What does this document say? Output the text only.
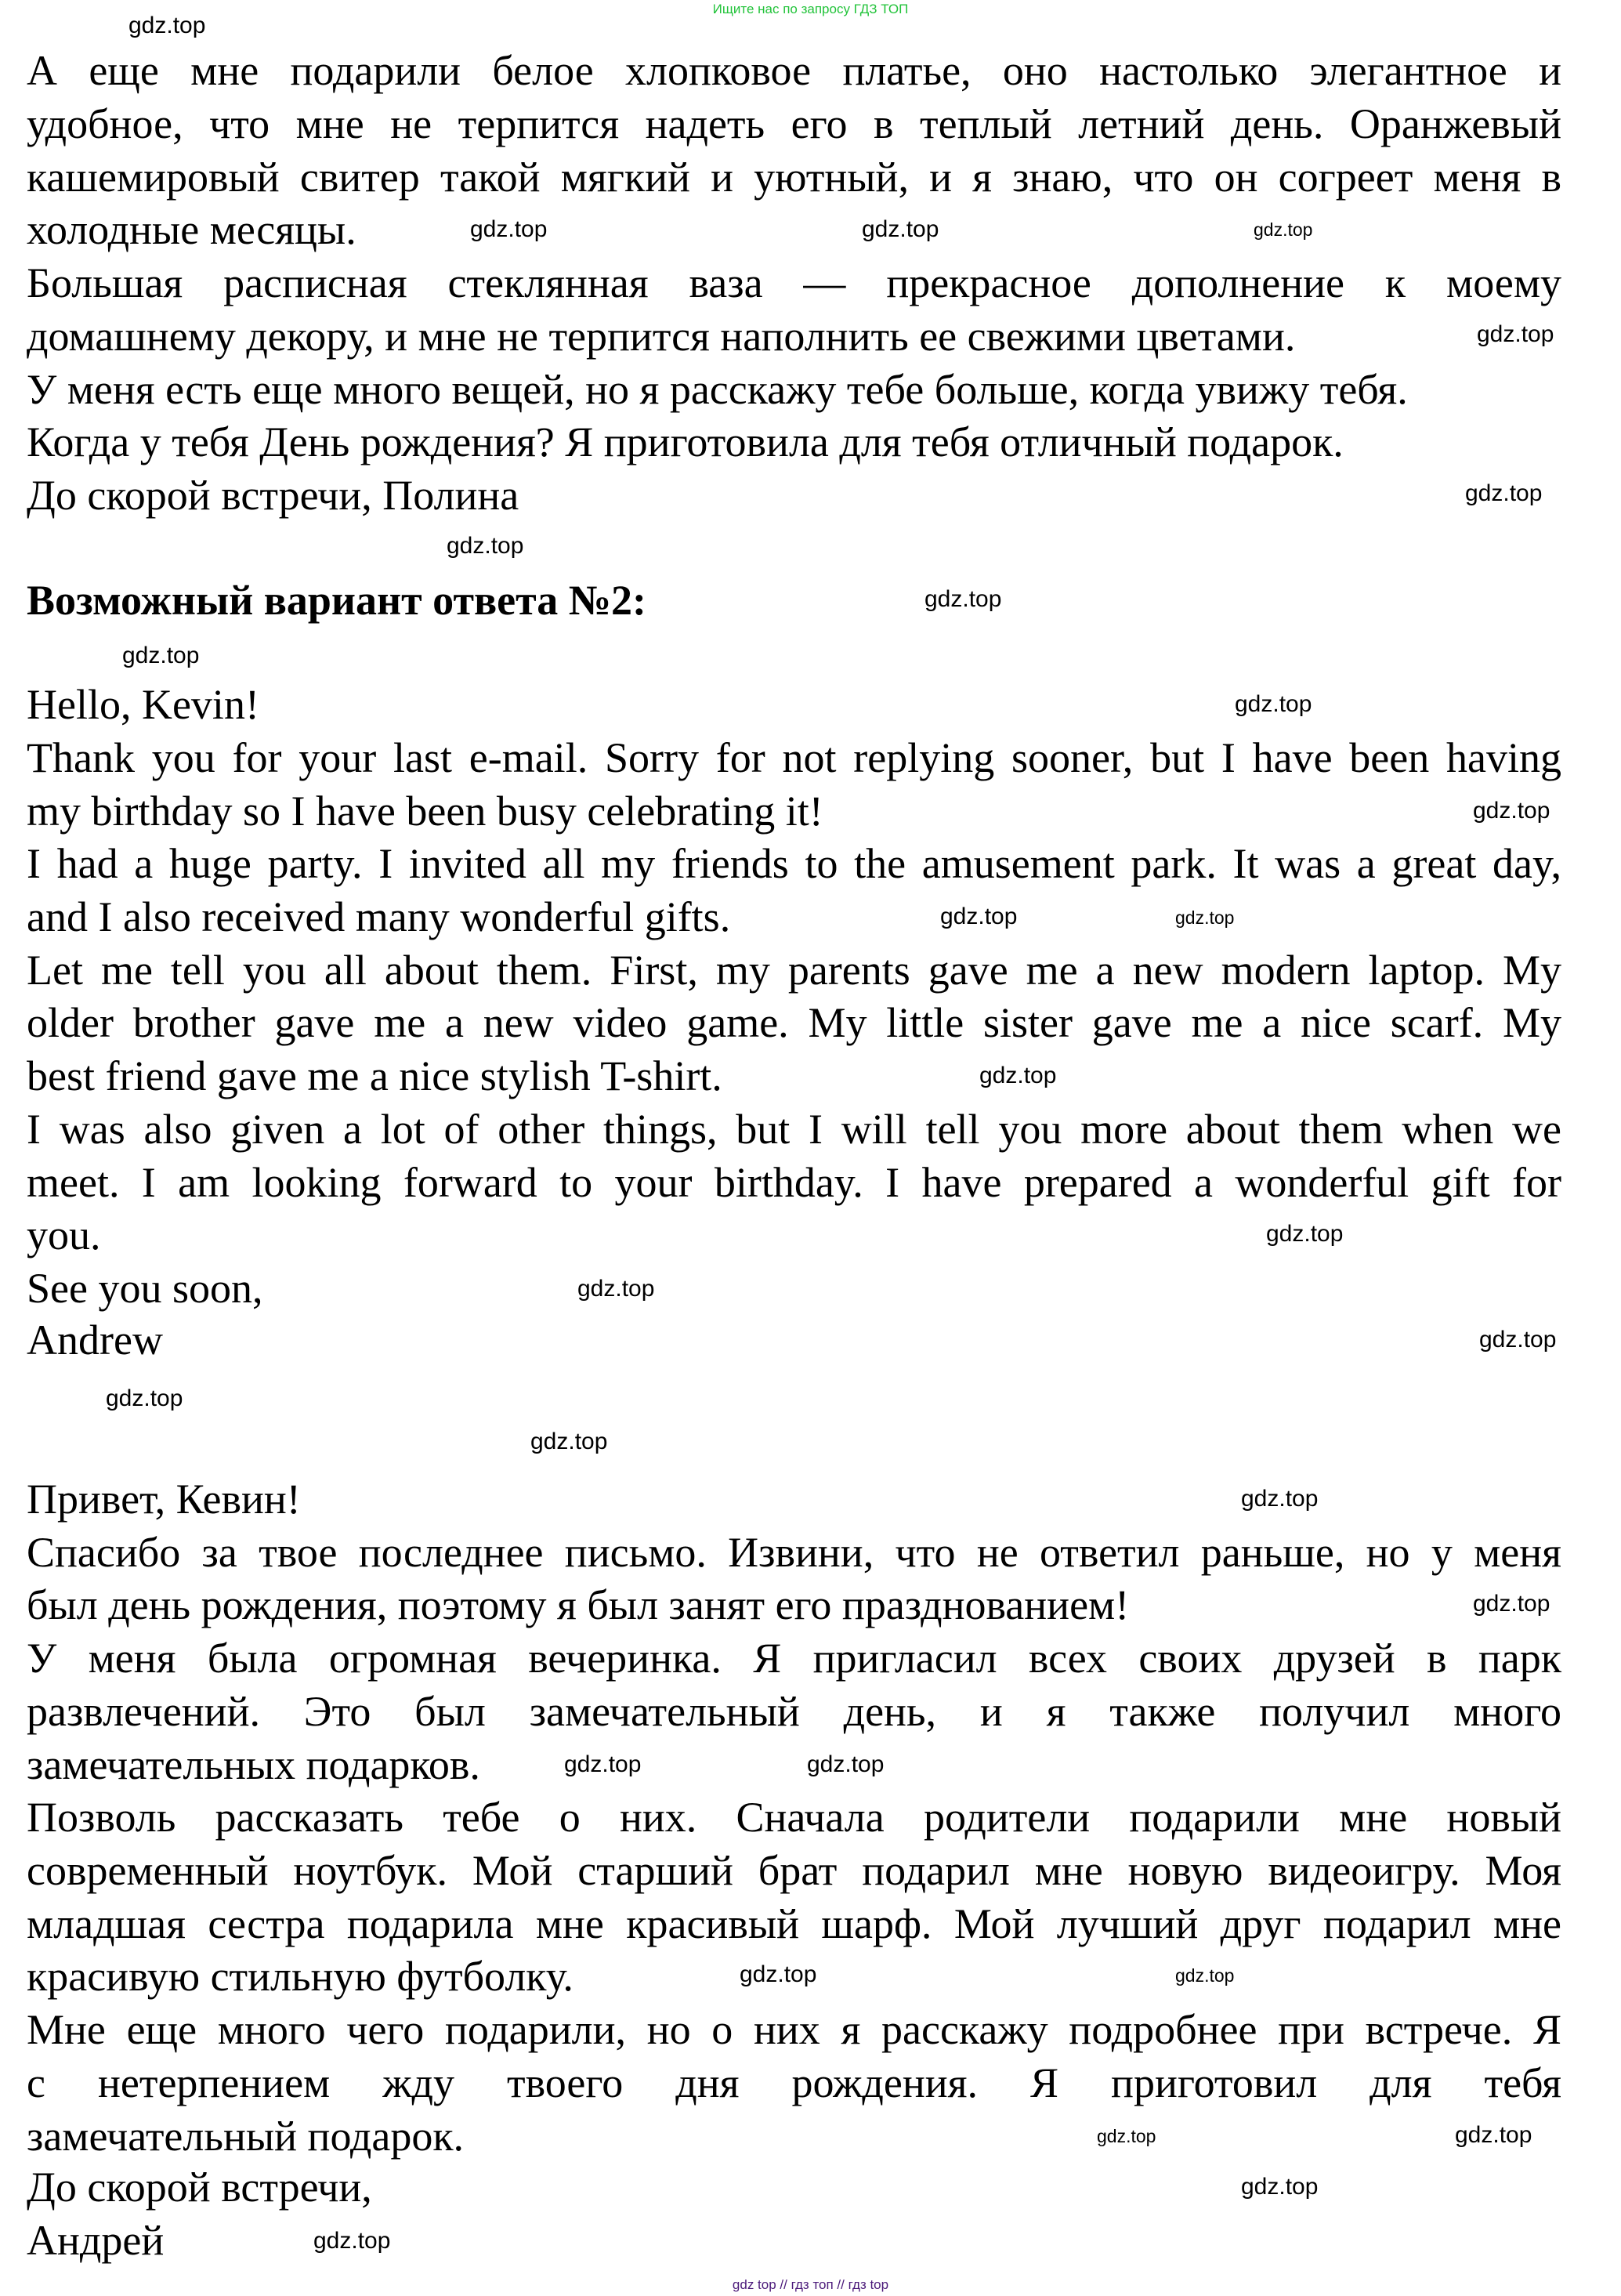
Ищите нас по запросу ГДЗ ТОП
Возможный вариант ответа №2:
А еще мне подарили белое хлопковое платье, оно настолько элегантное и
удобное, что мне не терпится надеть его в теплый летний день. Оранжевый
кашемировый свитер такой мягкий и уютный, и я знаю, что он согреет меня в
холодные месяцы.
Большая расписная стеклянная ваза — прекрасное дополнение к моему
домашнему декору, и мне не терпится наполнить ее свежими цветами.
У меня есть еще много вещей, но я расскажу тебе больше, когда увижу тебя.
Когда у тебя День рождения? Я приготовила для тебя отличный подарок.
До скорой встречи, Полина
Hello, Kevin!
Thank you for your last e-mail. Sorry for not replying sooner, but I have been having
my birthday so I have been busy celebrating it!
I had a huge party. I invited all my friends to the amusement park. It was a great day,
and I also received many wonderful gifts.
Let me tell you all about them. First, my parents gave me a new modern laptop. My
older brother gave me a new video game. My little sister gave me a nice scarf. My
best friend gave me a nice stylish T-shirt.
I was also given a lot of other things, but I will tell you more about them when we
meet. I am looking forward to your birthday. I have prepared a wonderful gift for
you.
See you soon,
Andrew
Привет, Кевин!
Спасибо за твое последнее письмо. Извини, что не ответил раньше, но у меня
был день рождения, поэтому я был занят его празднованием!
У меня была огромная вечеринка. Я пригласил всех своих друзей в парк
развлечений. Это был замечательный день, и я также получил много
замечательных подарков.
Позволь рассказать тебе о них. Сначала родители подарили мне новый
современный ноутбук. Мой старший брат подарил мне новую видеоигру. Моя
младшая сестра подарила мне красивый шарф. Мой лучший друг подарил мне
красивую стильную футболку.
Мне еще много чего подарили, но о них я расскажу подробнее при встрече. Я
с нетерпением жду твоего дня рождения. Я приготовил для тебя
замечательный подарок.
До скорой встречи,
Андрей
gdz top // гдз топ // гдз top
gdz.top
gdz.top
gdz.top	gdz.top
gdz.top
gdz.top
gdz.top
gdz.top
gdz.top
gdz.top
gdz.top
gdz.top	gdz.top
gdz.top
gdz.top
gdz.top
gdz.top
gdz.top
gdz.top
gdz.top
gdz.top
gdz.top	gdz.top
gdz.top
gdz.top
gdz.top	gdz.top
gdz.top
gdz.top
